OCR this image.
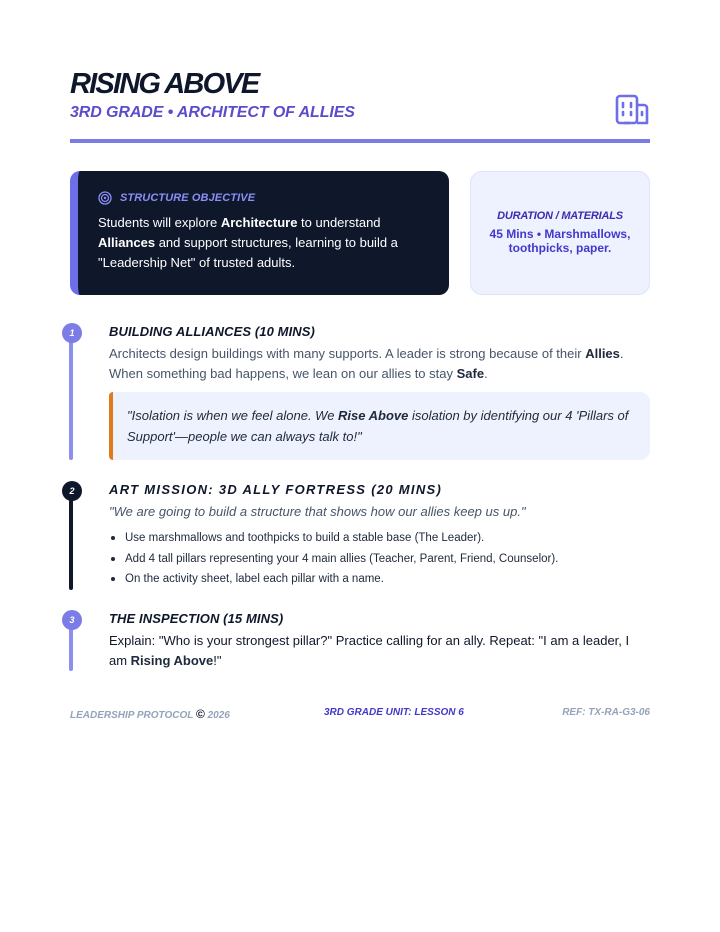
RISING ABOVE
3RD GRADE • ARCHITECT OF ALLIES
STRUCTURE OBJECTIVE

Students will explore Architecture to understand Alliances and support structures, learning to build a "Leadership Net" of trusted adults.

DURATION / MATERIALS
45 Mins • Marshmallows, toothpicks, paper.
1	BUILDING ALLIANCES (10 MINS)

Architects design buildings with many supports. A leader is strong because of their Allies. When something bad happens, we lean on our allies to stay Safe.

"Isolation is when we feel alone. We Rise Above isolation by identifying our 4 'Pillars of Support'—people we can always talk to!"

2	ART MISSION: 3D ALLY FORTRESS (20 MINS)
"We are going to build a structure that shows how our allies keep us up."
Use marshmallows and toothpicks to build a stable base (The Leader).
Add 4 tall pillars representing your 4 main allies (Teacher, Parent, Friend, Counselor).
On the activity sheet, label each pillar with a name.
3	THE INSPECTION (15 MINS)

Explain: "Who is your strongest pillar?" Practice calling for an ally. Repeat: "I am a leader, I am Rising Above!"

LEADERSHIP PROTOCOL © 2026	3RD GRADE UNIT: LESSON 6	REF: TX-RA-G3-06
